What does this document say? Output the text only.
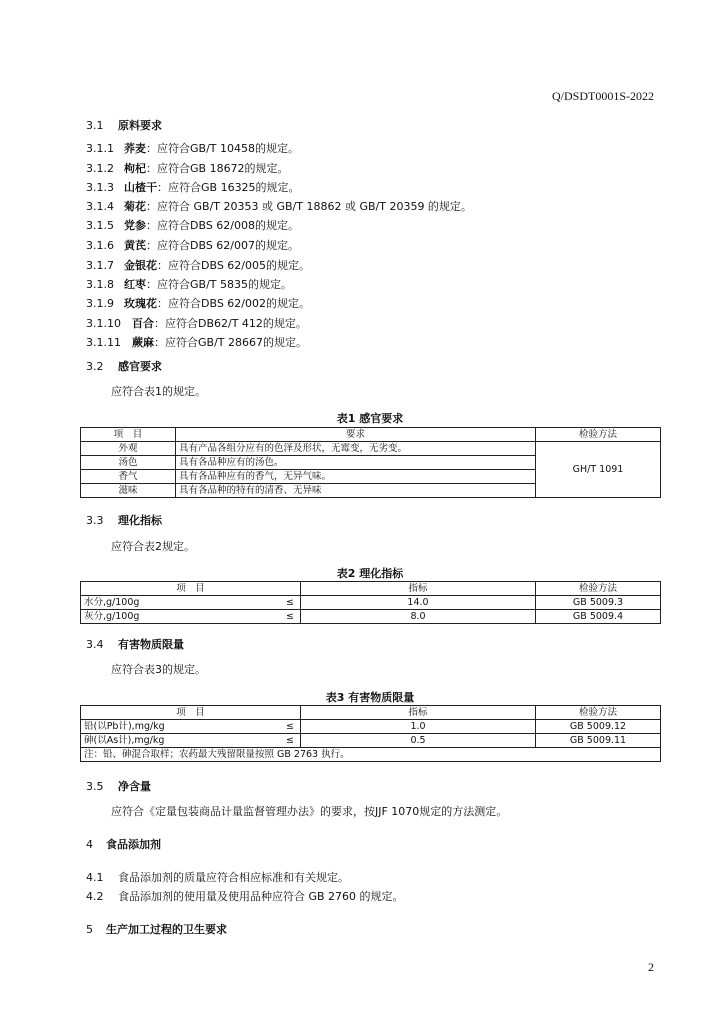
Q/DSDT0001S-2022
3.1 原料要求
3.1.1 荞麦：应符合GB/T 10458的规定。
3.1.2 枸杞：应符合GB 18672的规定。
3.1.3 山楂干：应符合GB 16325的规定。
3.1.4 菊花：应符合 GB/T 20353 或 GB/T 18862 或 GB/T 20359 的规定。
3.1.5 党参：应符合DBS 62/008的规定。
3.1.6 黄芪：应符合DBS 62/007的规定。
3.1.7 金银花：应符合DBS 62/005的规定。
3.1.8 红枣：应符合GB/T 5835的规定。
3.1.9 玫瑰花：应符合DBS 62/002的规定。
3.1.10 百合：应符合DB62/T 412的规定。
3.1.11 蕨麻：应符合GB/T 28667的规定。
3.2 感官要求
应符合表1的规定。
表1 感官要求
项　目	要求	检验方法
外观	具有产品各组分应有的色泽及形状，无霉变，无劣变。	GH/T 1091
汤色	具有各品种应有的汤色。	
香气	具有各品种应有的香气，无异气味。	
滋味	具有各品种的特有的清香、无异味	
3.3 理化指标
应符合表2规定。
表2 理化指标
项　目	指标	检验方法
水分,g/100g ≤	14.0	GB 5009.3
灰分,g/100g ≤	8.0	GB 5009.4
3.4 有害物质限量
应符合表3的规定。
表3 有害物质限量
项　目	指标	检验方法
铅(以Pb计),mg/kg ≤	1.0	GB 5009.12
砷(以As计),mg/kg ≤	0.5	GB 5009.11
注：铅、砷混合取样；农药最大残留限量按照 GB 2763 执行。		
3.5 净含量
应符合《定量包装商品计量监督管理办法》的要求，按JJF 1070规定的方法测定。
4 食品添加剂
4.1 食品添加剂的质量应符合相应标准和有关规定。
4.2 食品添加剂的使用量及使用品种应符合 GB 2760 的规定。
5 生产加工过程的卫生要求
2
